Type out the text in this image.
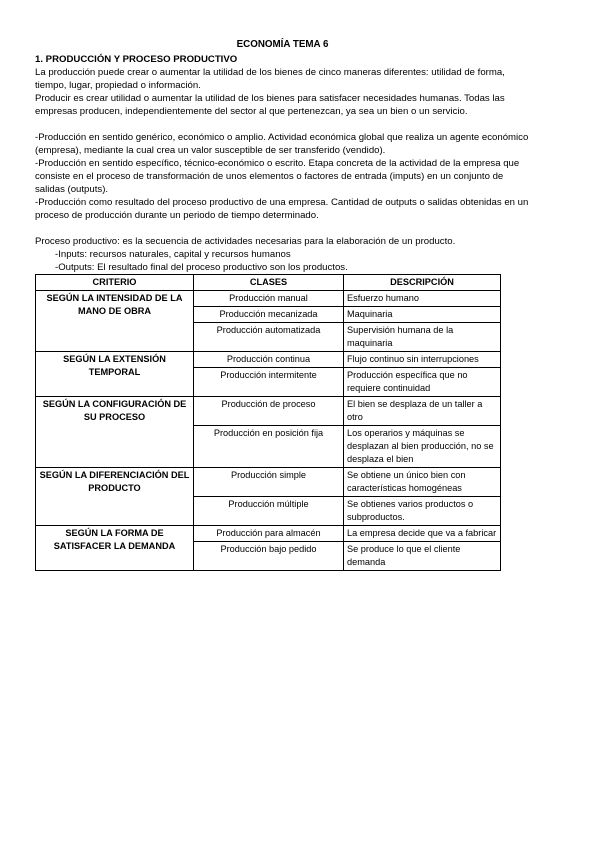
ECONOMÍA TEMA 6

1. PRODUCCIÓN Y PROCESO PRODUCTIVO

La producción puede crear o aumentar la utilidad de los bienes de cinco maneras diferentes: utilidad de forma, tiempo, lugar, propiedad o información.

Producir es crear utilidad o aumentar la utilidad de los bienes para satisfacer necesidades humanas. Todas las empresas producen, independientemente del sector al que pertenezcan, ya sea un bien o un servicio.

-Producción en sentido genérico, económico o amplio. Actividad económica global que realiza un agente económico (empresa), mediante la cual crea un valor susceptible de ser transferido (vendido).

-Producción en sentido específico, técnico-económico o escrito. Etapa concreta de la actividad de la empresa que consiste en el proceso de transformación de unos elementos o factores de entrada (imputs) en un conjunto de salidas (outputs).

-Producción como resultado del proceso productivo de una empresa. Cantidad de outputs o salidas obtenidas en un proceso de producción durante un periodo de tiempo determinado.

Proceso productivo: es la secuencia de actividades necesarias para la elaboración de un producto.

-Inputs: recursos naturales, capital y recursos humanos

-Outputs: El resultado final del proceso productivo son los productos.

CRITERIO	CLASES	DESCRIPCIÓN
SEGÚN LA INTENSIDAD DE LA MANO DE OBRA	Producción manual	Esfuerzo humano
	Producción mecanizada	Maquinaria
	Producción automatizada	Supervisión humana de la maquinaria
SEGÚN LA EXTENSIÓN TEMPORAL	Producción continua	Flujo continuo sin interrupciones
	Producción intermitente	Producción específica que no requiere continuidad
SEGÚN LA CONFIGURACIÓN DE SU PROCESO	Producción de proceso	El bien se desplaza de un taller a otro
	Producción en posición fija	Los operarios y máquinas se desplazan al bien producción, no se desplaza el bien
SEGÚN LA DIFERENCIACIÓN DEL PRODUCTO	Producción simple	Se obtiene un único bien con características homogéneas
	Producción múltiple	Se obtienes varios productos o subproductos.
SEGÚN LA FORMA DE SATISFACER LA DEMANDA	Producción para almacén	La empresa decide que va a fabricar
	Producción bajo pedido	Se produce lo que el cliente demanda
